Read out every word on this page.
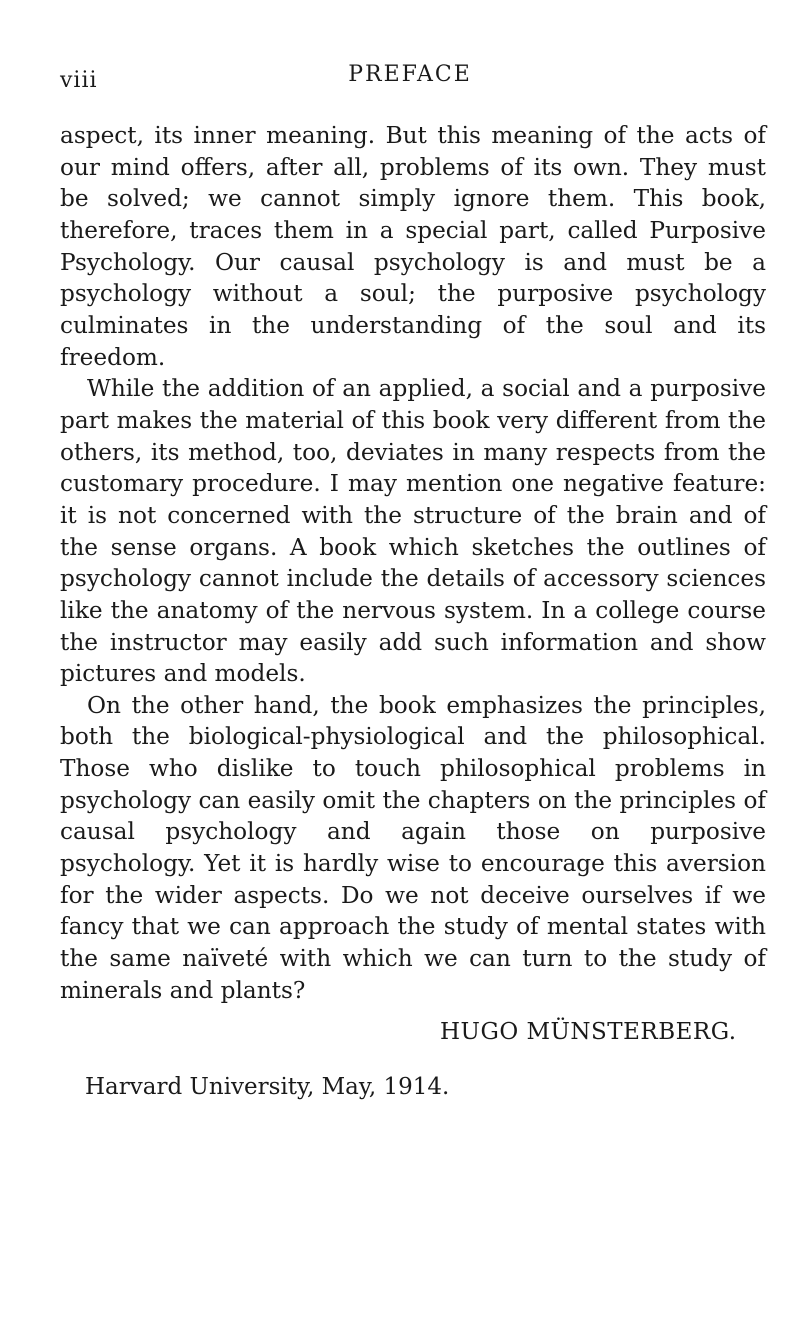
viii	PREFACE

aspect, its inner meaning. But this meaning of the acts of our mind offers, after all, problems of its own. They must be solved; we cannot simply ignore them. This book, therefore, traces them in a special part, called Purposive Psychology. Our causal psychology is and must be a psychology without a soul; the purposive psychology culminates in the understanding of the soul and its freedom.

While the addition of an applied, a social and a purposive part makes the material of this book very different from the others, its method, too, deviates in many respects from the customary procedure. I may mention one negative feature: it is not concerned with the structure of the brain and of the sense organs. A book which sketches the outlines of psychology cannot include the details of accessory sciences like the anatomy of the nervous system. In a college course the instructor may easily add such information and show pictures and models.

On the other hand, the book emphasizes the principles, both the biological-physiological and the philosophical. Those who dislike to touch philosophical problems in psychology can easily omit the chapters on the principles of causal psychology and again those on purposive psychology. Yet it is hardly wise to encourage this aversion for the wider aspects. Do we not deceive ourselves if we fancy that we can approach the study of mental states with the same naïveté with which we can turn to the study of minerals and plants?

HUGO MÜNSTERBERG.
Harvard University, May, 1914.
